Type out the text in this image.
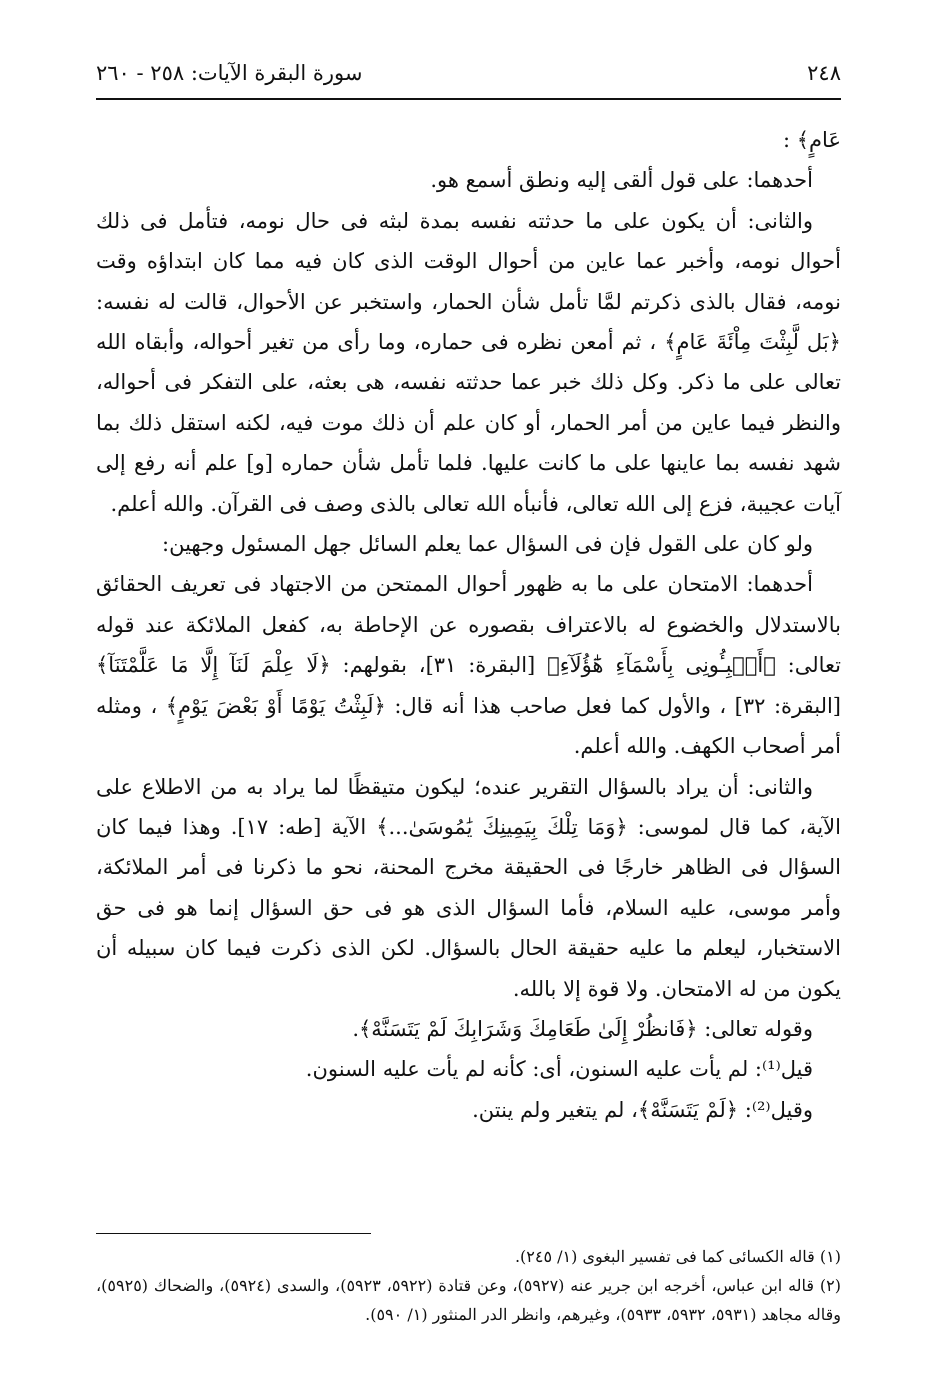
٢٤٨
سورة البقرة الآيات: ٢٥٨ - ٢٦٠

عَامٍ﴾ :

أحدهما: على قول ألقى إليه ونطق أسمع هو.

والثانى: أن يكون على ما حدثته نفسه بمدة لبثه فى حال نومه، فتأمل فى ذلك أحوال نومه، وأخبر عما عاين من أحوال الوقت الذى كان فيه مما كان ابتداؤه وقت نومه، فقال بالذى ذكرتم لمَّا تأمل شأن الحمار، واستخبر عن الأحوال، قالت له نفسه: ﴿بَل لَّبِثْتَ مِاْئَةَ عَامٍ﴾ ، ثم أمعن نظره فى حماره، وما رأى من تغير أحواله، وأبقاه الله تعالى على ما ذكر. وكل ذلك خبر عما حدثته نفسه، هى بعثه، على التفكر فى أحواله، والنظر فيما عاين من أمر الحمار، أو كان علم أن ذلك موت فيه، لكنه استقل ذلك بما شهد نفسه بما عاينها على ما كانت عليها. فلما تأمل شأن حماره [و] علم أنه رفع إلى آيات عجيبة، فزع إلى الله تعالى، فأنبأه الله تعالى بالذى وصف فى القرآن. والله أعلم.

ولو كان على القول فإن فى السؤال عما يعلم السائل جهل المسئول وجهين:

أحدهما: الامتحان على ما به ظهور أحوال الممتحن من الاجتهاد فى تعريف الحقائق بالاستدلال والخضوع له بالاعتراف بقصوره عن الإحاطة به، كفعل الملائكة عند قوله تعالى: ﴿أَنۢبِـُٔونِى بِأَسْمَآءِ هَٰٓؤُلَآءِ﴾ [البقرة: ٣١]، بقولهم: ﴿لَا عِلْمَ لَنَآ إِلَّا مَا عَلَّمْتَنَآ﴾ [البقرة: ٣٢] ، والأول كما فعل صاحب هذا أنه قال: ﴿لَبِثْتُ يَوْمًا أَوْ بَعْضَ يَوْمٍ﴾ ، ومثله أمر أصحاب الكهف. والله أعلم.

والثانى: أن يراد بالسؤال التقرير عنده؛ ليكون متيقظًا لما يراد به من الاطلاع على الآية، كما قال لموسى: ﴿وَمَا تِلْكَ بِيَمِينِكَ يَٰمُوسَىٰ...﴾ الآية [طه: ١٧]. وهذا فيما كان السؤال فى الظاهر خارجًا فى الحقيقة مخرج المحنة، نحو ما ذكرنا فى أمر الملائكة، وأمر موسى، عليه السلام، فأما السؤال الذى هو فى حق السؤال إنما هو فى حق الاستخبار، ليعلم ما عليه حقيقة الحال بالسؤال. لكن الذى ذكرت فيما كان سبيله أن يكون من له الامتحان. ولا قوة إلا بالله.

وقوله تعالى: ﴿فَانظُرْ إِلَىٰ طَعَامِكَ وَشَرَابِكَ لَمْ يَتَسَنَّهْ﴾.

قيل⁽¹⁾: لم يأت عليه السنون، أى: كأنه لم يأت عليه السنون.

وقيل⁽²⁾: ﴿لَمْ يَتَسَنَّهْ﴾، لم يتغير ولم ينتن.

(١) قاله الكسائى كما فى تفسير البغوى (١/ ٢٤٥).

(٢) قاله ابن عباس، أخرجه ابن جرير عنه (٥٩٢٧)، وعن قتادة (٥٩٢٢، ٥٩٢٣)، والسدى (٥٩٢٤)، والضحاك (٥٩٢٥)، وقاله مجاهد (٥٩٣١، ٥٩٣٢، ٥٩٣٣)، وغيرهم، وانظر الدر المنثور (١/ ٥٩٠).
